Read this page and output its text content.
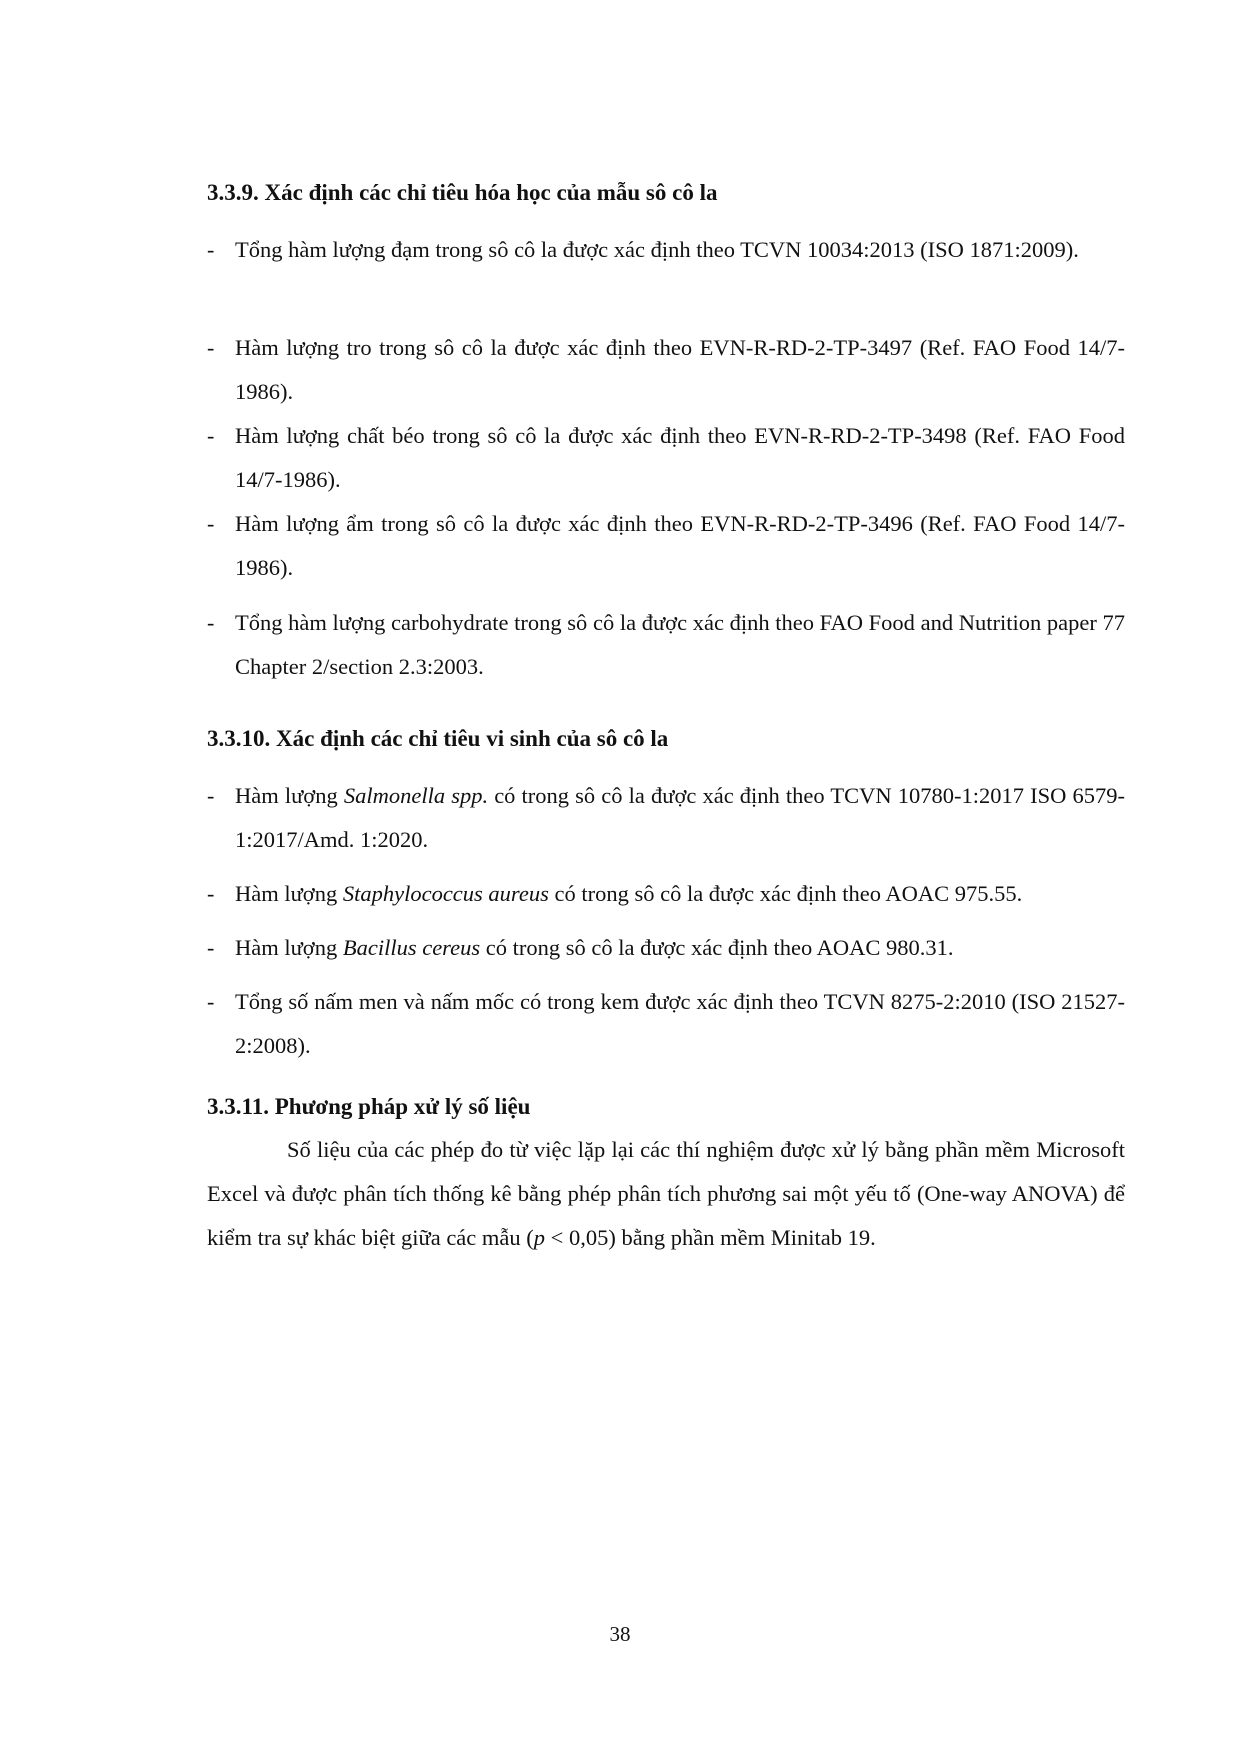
3.3.9. Xác định các chỉ tiêu hóa học của mẫu sô cô la
- Tổng hàm lượng đạm trong sô cô la được xác định theo TCVN 10034:2013 (ISO 1871:2009).
- Hàm lượng tro trong sô cô la được xác định theo EVN-R-RD-2-TP-3497 (Ref. FAO Food 14/7-1986).
- Hàm lượng chất béo trong sô cô la được xác định theo EVN-R-RD-2-TP-3498 (Ref. FAO Food 14/7-1986).
- Hàm lượng ẩm trong sô cô la được xác định theo EVN-R-RD-2-TP-3496 (Ref. FAO Food 14/7-1986).
- Tổng hàm lượng carbohydrate trong sô cô la được xác định theo FAO Food and Nutrition paper 77 Chapter 2/section 2.3:2003.
3.3.10. Xác định các chỉ tiêu vi sinh của sô cô la
- Hàm lượng Salmonella spp. có trong sô cô la được xác định theo TCVN 10780-1:2017 ISO 6579-1:2017/Amd. 1:2020.
- Hàm lượng Staphylococcus aureus có trong sô cô la được xác định theo AOAC 975.55.
- Hàm lượng Bacillus cereus có trong sô cô la được xác định theo AOAC 980.31.
- Tổng số nấm men và nấm mốc có trong kem được xác định theo TCVN 8275-2:2010 (ISO 21527-2:2008).
3.3.11. Phương pháp xử lý số liệu
Số liệu của các phép đo từ việc lặp lại các thí nghiệm được xử lý bằng phần mềm Microsoft Excel và được phân tích thống kê bằng phép phân tích phương sai một yếu tố (One-way ANOVA) để kiểm tra sự khác biệt giữa các mẫu (p < 0,05) bằng phần mềm Minitab 19.
38
